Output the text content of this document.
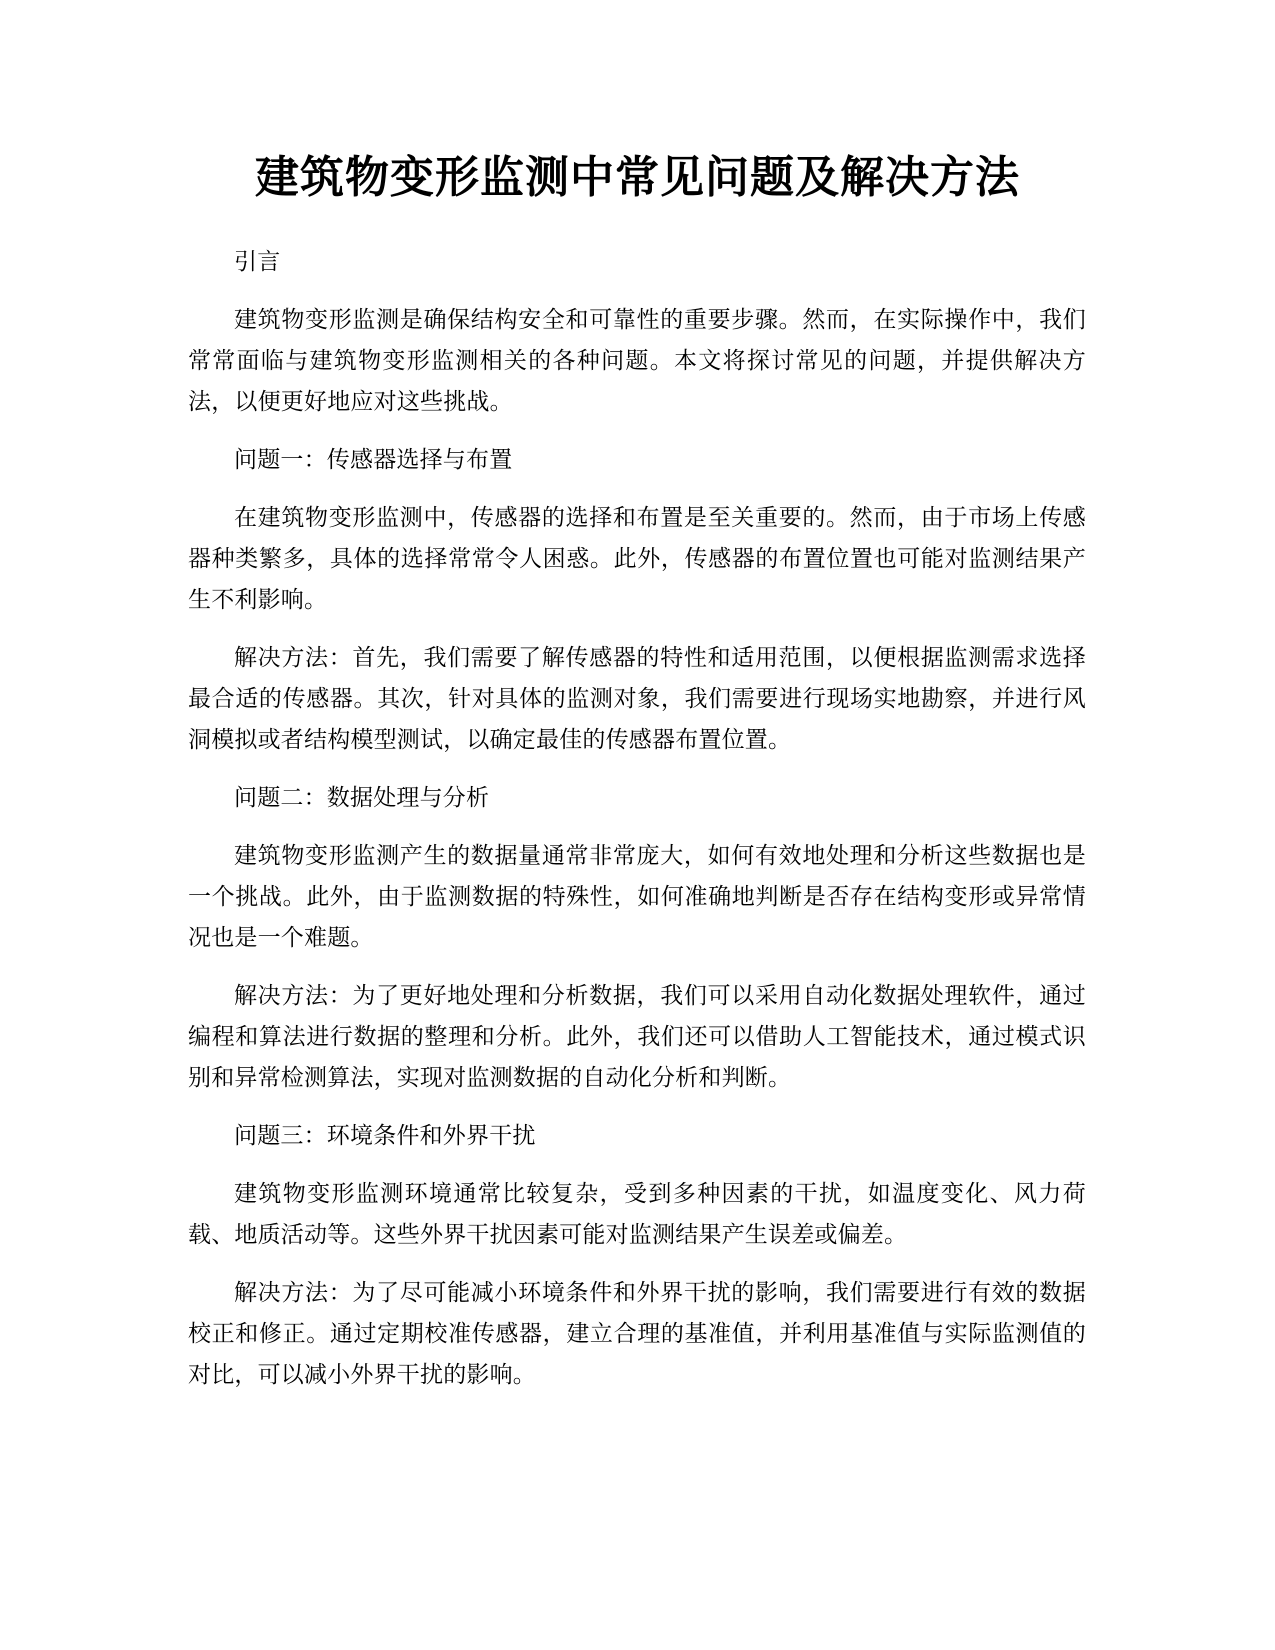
建筑物变形监测中常见问题及解决方法

引言

建筑物变形监测是确保结构安全和可靠性的重要步骤。然而，在实际操作中，我们常常面临与建筑物变形监测相关的各种问题。本文将探讨常见的问题，并提供解决方法，以便更好地应对这些挑战。

问题一：传感器选择与布置

在建筑物变形监测中，传感器的选择和布置是至关重要的。然而，由于市场上传感器种类繁多，具体的选择常常令人困惑。此外，传感器的布置位置也可能对监测结果产生不利影响。

解决方法：首先，我们需要了解传感器的特性和适用范围，以便根据监测需求选择最合适的传感器。其次，针对具体的监测对象，我们需要进行现场实地勘察，并进行风洞模拟或者结构模型测试，以确定最佳的传感器布置位置。

问题二：数据处理与分析

建筑物变形监测产生的数据量通常非常庞大，如何有效地处理和分析这些数据也是一个挑战。此外，由于监测数据的特殊性，如何准确地判断是否存在结构变形或异常情况也是一个难题。

解决方法：为了更好地处理和分析数据，我们可以采用自动化数据处理软件，通过编程和算法进行数据的整理和分析。此外，我们还可以借助人工智能技术，通过模式识别和异常检测算法，实现对监测数据的自动化分析和判断。

问题三：环境条件和外界干扰

建筑物变形监测环境通常比较复杂，受到多种因素的干扰，如温度变化、风力荷载、地质活动等。这些外界干扰因素可能对监测结果产生误差或偏差。

解决方法：为了尽可能减小环境条件和外界干扰的影响，我们需要进行有效的数据校正和修正。通过定期校准传感器，建立合理的基准值，并利用基准值与实际监测值的对比，可以减小外界干扰的影响。
